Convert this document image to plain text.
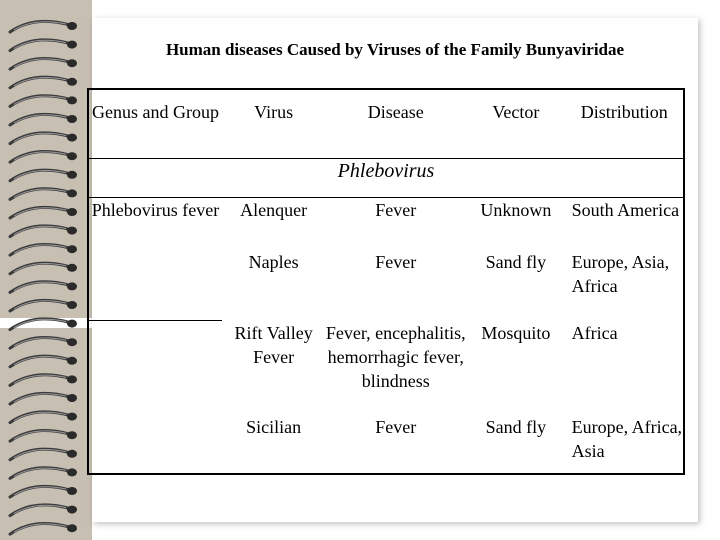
Human diseases Caused by Viruses of the Family Bunyaviridae
Genus and Group	Virus	Disease	Vector	Distribution
Phlebovirus				
Phlebovirus fever	Alenquer	Fever	Unknown	South America
	Naples	Fever	Sand fly	Europe, Asia, Africa
	Rift Valley Fever	Fever, encephalitis, hemorrhagic fever, blindness	Mosquito	Africa
	Sicilian	Fever	Sand fly	Europe, Africa, Asia
